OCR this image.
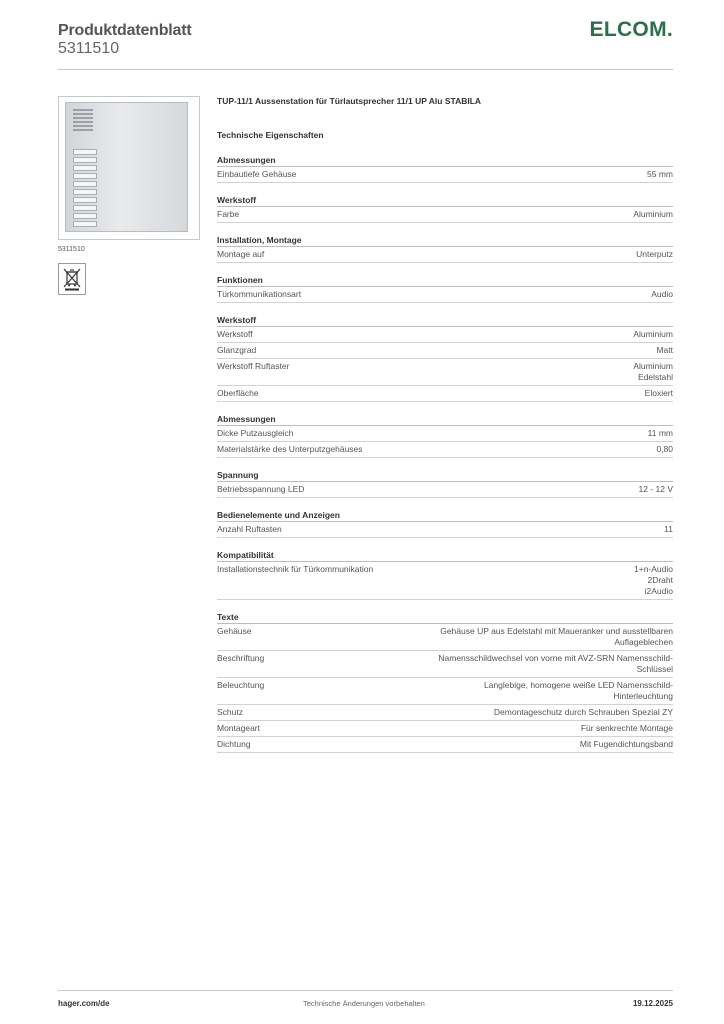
Produktdatenblatt
5311510
ELCOM.
5311510
TUP-11/1 Aussenstation für Türlautsprecher 11/1 UP Alu STABILA
Technische Eigenschaften
Abmessungen
Einbautiefe Gehäuse	55 mm
Werkstoff
Farbe	Aluminium
Installation, Montage
Montage auf	Unterputz
Funktionen
Türkommunikationsart	Audio
Werkstoff
Werkstoff	Aluminium
Glanzgrad	Matt
Werkstoff Ruftaster	Aluminium
Edelstahl
Oberfläche	Eloxiert
Abmessungen
Dicke Putzausgleich	11 mm
Materialstärke des Unterputzgehäuses	0,80
Spannung
Betriebsspannung LED	12 - 12 V
Bedienelemente und Anzeigen
Anzahl Ruftasten	11
Kompatibilität
Installationstechnik für Türkommunikation	1+n-Audio
2Draht
i2Audio
Texte
Gehäuse	Gehäuse UP aus Edelstahl mit Maueranker und ausstellbaren
Auflageblechen
Beschriftung	Namensschildwechsel von vorne mit AVZ-SRN Namensschild-
Schlüssel
Beleuchtung	Langlebige, homogene weiße LED Namensschild-
Hinterleuchtung
Schutz	Demontageschutz durch Schrauben Spezial ZY
Montageart	Für senkrechte Montage
Dichtung	Mit Fugendichtungsband
hager.com/de	Technische Änderungen vorbehalten	19.12.2025
